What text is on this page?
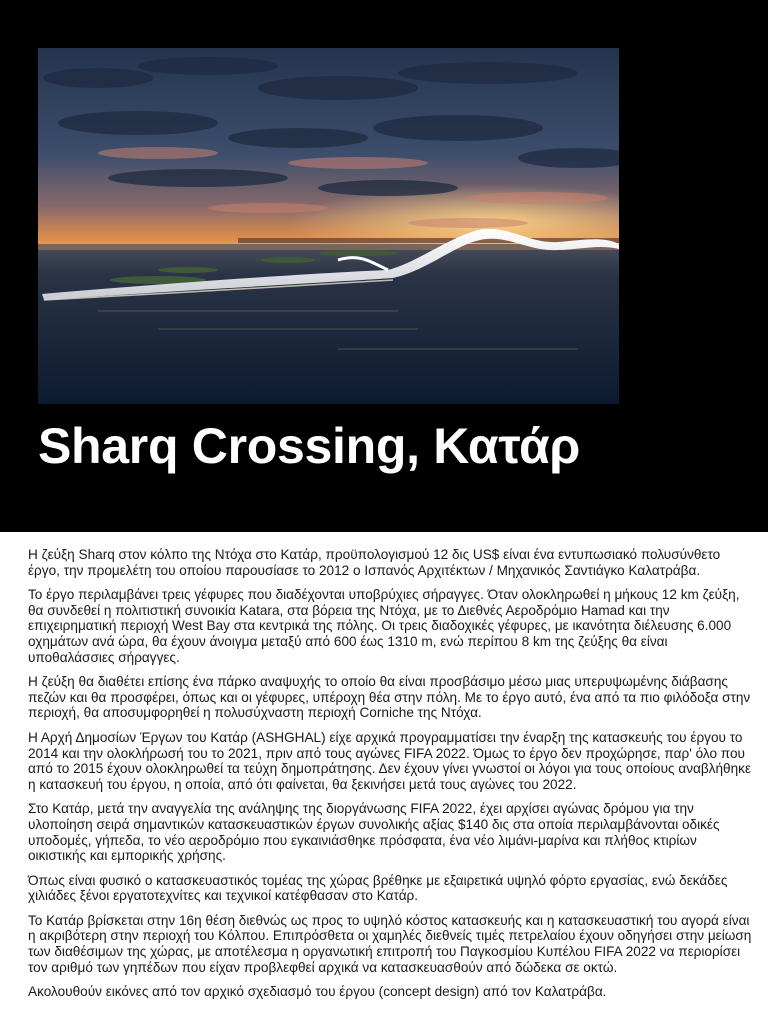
Sharq Crossing, Κατάρ

Η ζεύξη Sharq στον κόλπο της Ντόχα στο Κατάρ, προϋπολογισμού 12 δις US$ είναι ένα εντυπωσιακό πολυσύνθετο έργο, την προμελέτη του οποίου παρουσίασε το 2012 ο Ισπανός Αρχιτέκτων / Μηχανικός Σαντιάγκο Καλατράβα.

Το έργο περιλαμβάνει τρεις γέφυρες που διαδέχονται υποβρύχιες σήραγγες. Όταν ολοκληρωθεί η μήκους 12 km ζεύξη, θα συνδεθεί η πολιτιστική συνοικία Katara, στα βόρεια της Ντόχα, με το Διεθνές Αεροδρόμιο Hamad και την επιχειρηματική περιοχή West Bay στα κεντρικά της πόλης. Οι τρεις διαδοχικές γέφυρες, με ικανότητα διέλευσης 6.000 οχημάτων ανά ώρα, θα έχουν άνοιγμα μεταξύ από 600 έως 1310 m, ενώ περίπου 8 km της ζεύξης θα είναι υποθαλάσσιες σήραγγες.

Η ζεύξη θα διαθέτει επίσης ένα πάρκο αναψυχής το οποίο θα είναι προσβάσιμο μέσω μιας υπερυψωμένης διάβασης πεζών και θα προσφέρει, όπως και οι γέφυρες, υπέροχη θέα στην πόλη. Με το έργο αυτό, ένα από τα πιο φιλόδοξα στην περιοχή, θα αποσυμφορηθεί η πολυσύχναστη περιοχή Corniche της Ντόχα.

Η Αρχή Δημοσίων Έργων του Κατάρ (ASHGHAL) είχε αρχικά προγραμματίσει την έναρξη της κατασκευής του έργου το 2014 και την ολοκλήρωσή του το 2021, πριν από τους αγώνες FIFA 2022. Όμως το έργο δεν προχώρησε, παρ' όλο που από το 2015 έχουν ολοκληρωθεί τα τεύχη δημοπράτησης. Δεν έχουν γίνει γνωστοί οι λόγοι για τους οποίους αναβλήθηκε η κατασκευή του έργου, η οποία, από ότι φαίνεται, θα ξεκινήσει μετά τους αγώνες του 2022.

Στο Κατάρ, μετά την αναγγελία της ανάληψης της διοργάνωσης FIFA 2022, έχει αρχίσει αγώνας δρόμου για την υλοποίηση σειρά σημαντικών κατασκευαστικών έργων συνολικής αξίας $140 δις στα οποία περιλαμβάνονται οδικές υποδομές, γήπεδα, το νέο αεροδρόμιο που εγκαινιάσθηκε πρόσφατα, ένα νέο λιμάνι-μαρίνα και πλήθος κτιρίων οικιστικής και εμπορικής χρήσης.

Όπως είναι φυσικό ο κατασκευαστικός τομέας της χώρας βρέθηκε με εξαιρετικά υψηλό φόρτο εργασίας, ενώ δεκάδες χιλιάδες ξένοι εργατοτεχνίτες και τεχνικοί κατέφθασαν στο Κατάρ.

Το Κατάρ βρίσκεται στην 16η θέση διεθνώς ως προς το υψηλό κόστος κατασκευής και η κατασκευαστική του αγορά είναι η ακριβότερη στην περιοχή του Κόλπου. Επιπρόσθετα οι χαμηλές διεθνείς τιμές πετρελαίου έχουν οδηγήσει στην μείωση των διαθέσιμων της χώρας, με αποτέλεσμα η οργανωτική επιτροπή του Παγκοσμίου Κυπέλου FIFA 2022 να περιορίσει τον αριθμό των γηπέδων που είχαν προβλεφθεί αρχικά να κατασκευασθούν από δώδεκα σε οκτώ.

Ακολουθούν εικόνες από τον αρχικό σχεδιασμό του έργου (concept design) από τον Καλατράβα.
